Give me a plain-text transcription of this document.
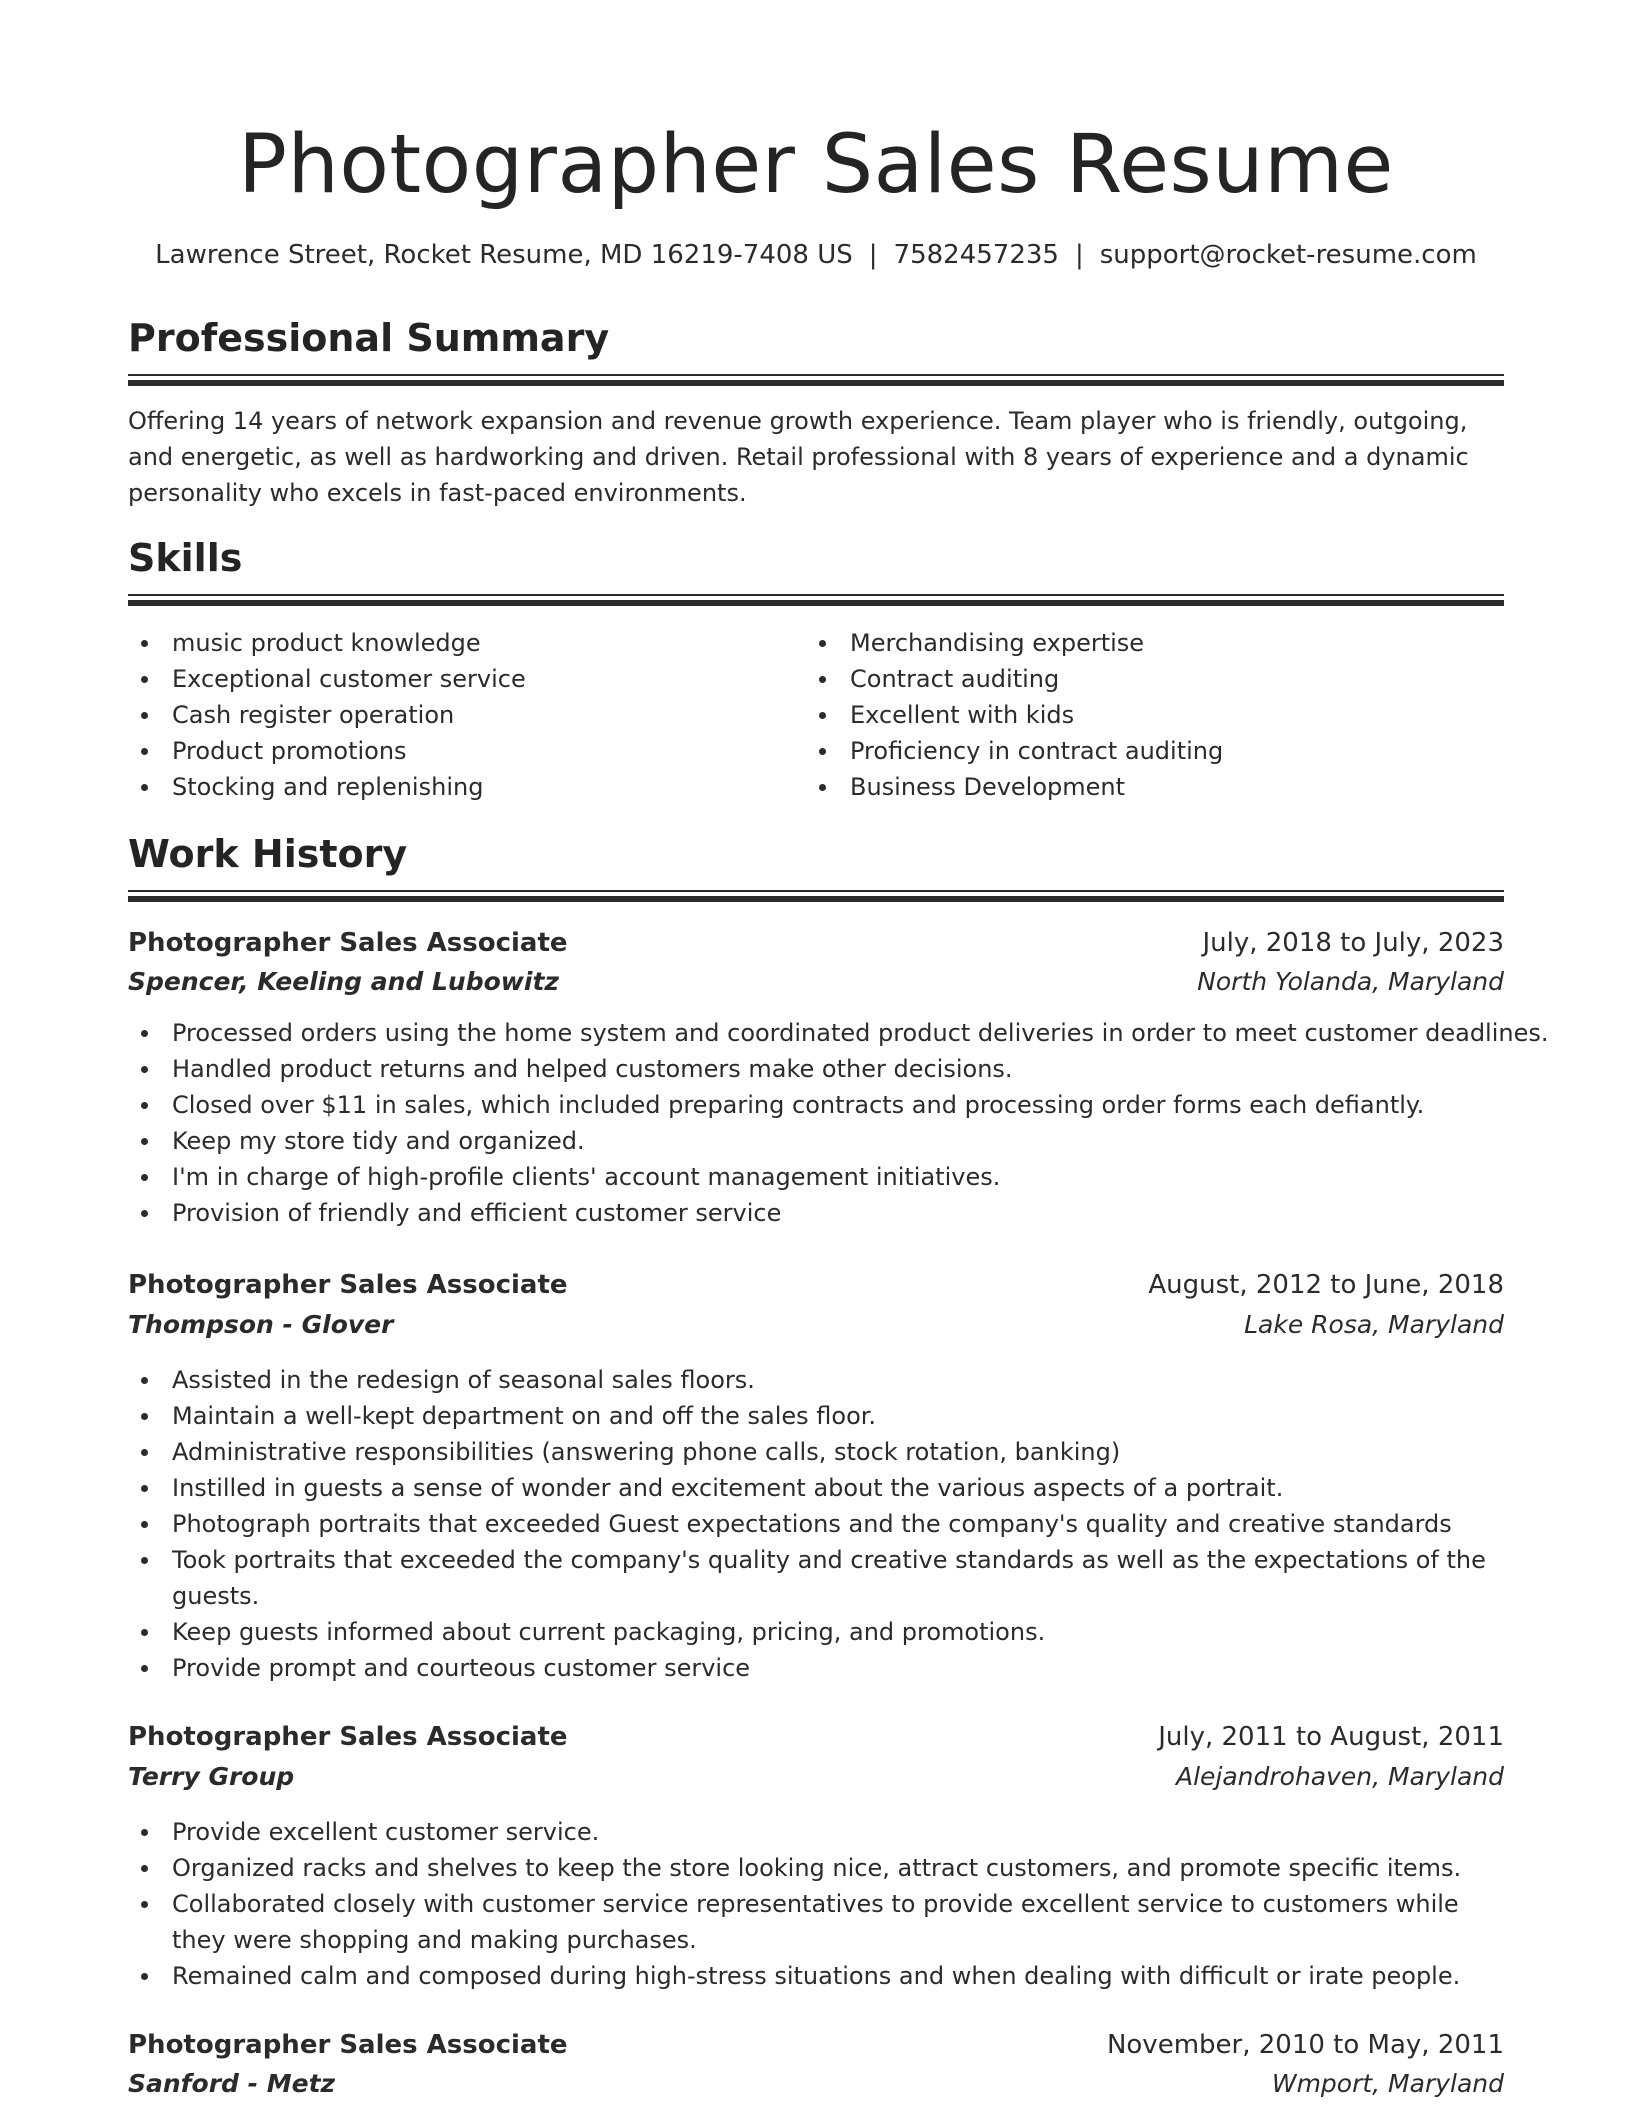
Photographer Sales Resume
Lawrence Street, Rocket Resume, MD 16219-7408 US | 7582457235 | support@rocket-resume.com
Professional Summary

Offering 14 years of network expansion and revenue growth experience. Team player who is friendly, outgoing, and energetic, as well as hardworking and driven. Retail professional with 8 years of experience and a dynamic personality who excels in fast-paced environments.

Skills
music product knowledge
Exceptional customer service
Cash register operation
Product promotions
Stocking and replenishing
Merchandising expertise
Contract auditing
Excellent with kids
Proficiency in contract auditing
Business Development
Work History
Photographer Sales Associate	July, 2018 to July, 2023
Spencer, Keeling and Lubowitz	North Yolanda, Maryland
Processed orders using the home system and coordinated product deliveries in order to meet customer deadlines.
Handled product returns and helped customers make other decisions.
Closed over $11 in sales, which included preparing contracts and processing order forms each defiantly.
Keep my store tidy and organized.
I'm in charge of high-profile clients' account management initiatives.
Provision of friendly and efficient customer service
Photographer Sales Associate	August, 2012 to June, 2018
Thompson - Glover	Lake Rosa, Maryland
Assisted in the redesign of seasonal sales floors.
Maintain a well-kept department on and off the sales floor.
Administrative responsibilities (answering phone calls, stock rotation, banking)
Instilled in guests a sense of wonder and excitement about the various aspects of a portrait.
Photograph portraits that exceeded Guest expectations and the company's quality and creative standards
Took portraits that exceeded the company's quality and creative standards as well as the expectations of the guests.
Keep guests informed about current packaging, pricing, and promotions.
Provide prompt and courteous customer service
Photographer Sales Associate	July, 2011 to August, 2011
Terry Group	Alejandrohaven, Maryland
Provide excellent customer service.
Organized racks and shelves to keep the store looking nice, attract customers, and promote specific items.
Collaborated closely with customer service representatives to provide excellent service to customers while they were shopping and making purchases.
Remained calm and composed during high-stress situations and when dealing with difficult or irate people.
Photographer Sales Associate	November, 2010 to May, 2011
Sanford - Metz	Wmport, Maryland
